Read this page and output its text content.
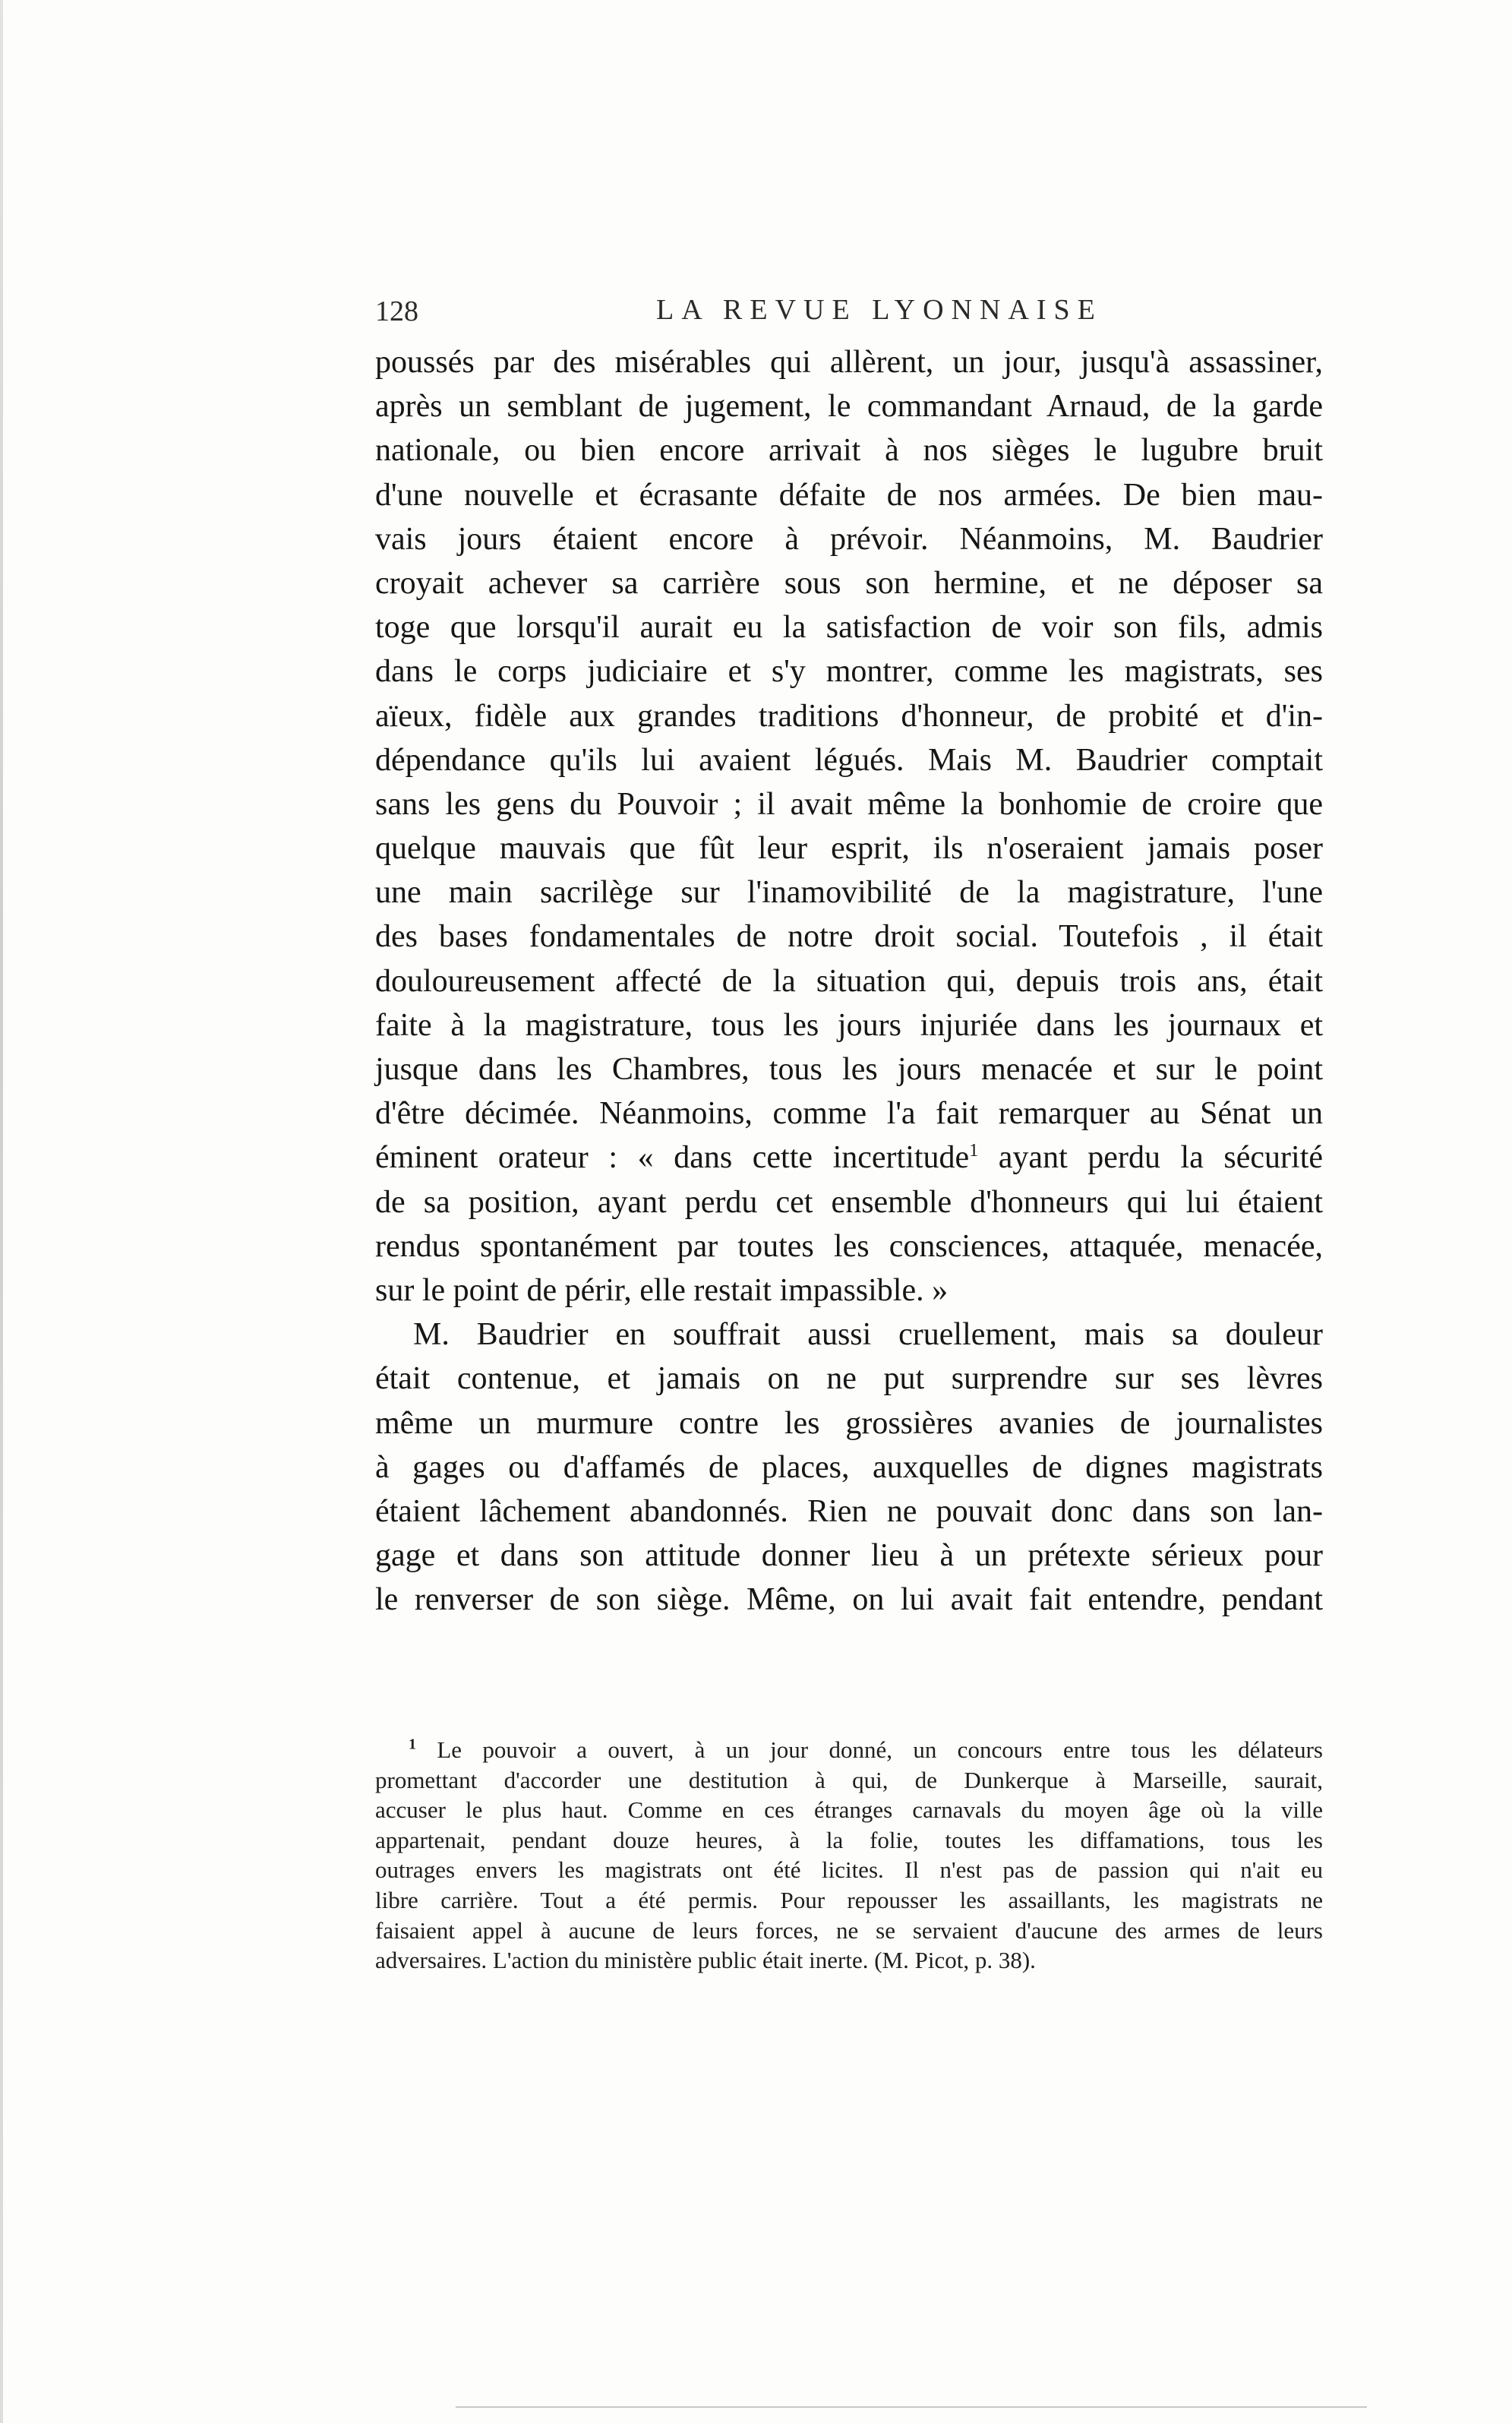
128	LA REVUE LYONNAISE
poussés par des misérables qui allèrent, un jour, jusqu'à assassiner,
après un semblant de jugement, le commandant Arnaud, de la garde
nationale, ou bien encore arrivait à nos sièges le lugubre bruit
d'une nouvelle et écrasante défaite de nos armées. De bien mau-
vais jours étaient encore à prévoir. Néanmoins, M. Baudrier
croyait achever sa carrière sous son hermine, et ne déposer sa
toge que lorsqu'il aurait eu la satisfaction de voir son fils, admis
dans le corps judiciaire et s'y montrer, comme les magistrats, ses
aïeux, fidèle aux grandes traditions d'honneur, de probité et d'in-
dépendance qu'ils lui avaient légués. Mais M. Baudrier comptait
sans les gens du Pouvoir ; il avait même la bonhomie de croire que
quelque mauvais que fût leur esprit, ils n'oseraient jamais poser
une main sacrilège sur l'inamovibilité de la magistrature, l'une
des bases fondamentales de notre droit social. Toutefois , il était
douloureusement affecté de la situation qui, depuis trois ans, était
faite à la magistrature, tous les jours injuriée dans les journaux et
jusque dans les Chambres, tous les jours menacée et sur le point
d'être décimée. Néanmoins, comme l'a fait remarquer au Sénat un
éminent orateur : « dans cette incertitude$^1$ ayant perdu la sécurité
de sa position, ayant perdu cet ensemble d'honneurs qui lui étaient
rendus spontanément par toutes les consciences, attaquée, menacée,
sur le point de périr, elle restait impassible. »
M. Baudrier en souffrait aussi cruellement, mais sa douleur
était contenue, et jamais on ne put surprendre sur ses lèvres
même un murmure contre les grossières avanies de journalistes
à gages ou d'affamés de places, auxquelles de dignes magistrats
étaient lâchement abandonnés. Rien ne pouvait donc dans son lan-
gage et dans son attitude donner lieu à un prétexte sérieux pour
le renverser de son siège. Même, on lui avait fait entendre, pendant
$^1$ Le pouvoir a ouvert, à un jour donné, un concours entre tous les délateurs
promettant d'accorder une destitution à qui, de Dunkerque à Marseille, saurait,
accuser le plus haut. Comme en ces étranges carnavals du moyen âge où la ville
appartenait, pendant douze heures, à la folie, toutes les diffamations, tous les
outrages envers les magistrats ont été licites. Il n'est pas de passion qui n'ait eu
libre carrière. Tout a été permis. Pour repousser les assaillants, les magistrats ne
faisaient appel à aucune de leurs forces, ne se servaient d'aucune des armes de leurs
adversaires. L'action du ministère public était inerte. (M. Picot, p. 38).
